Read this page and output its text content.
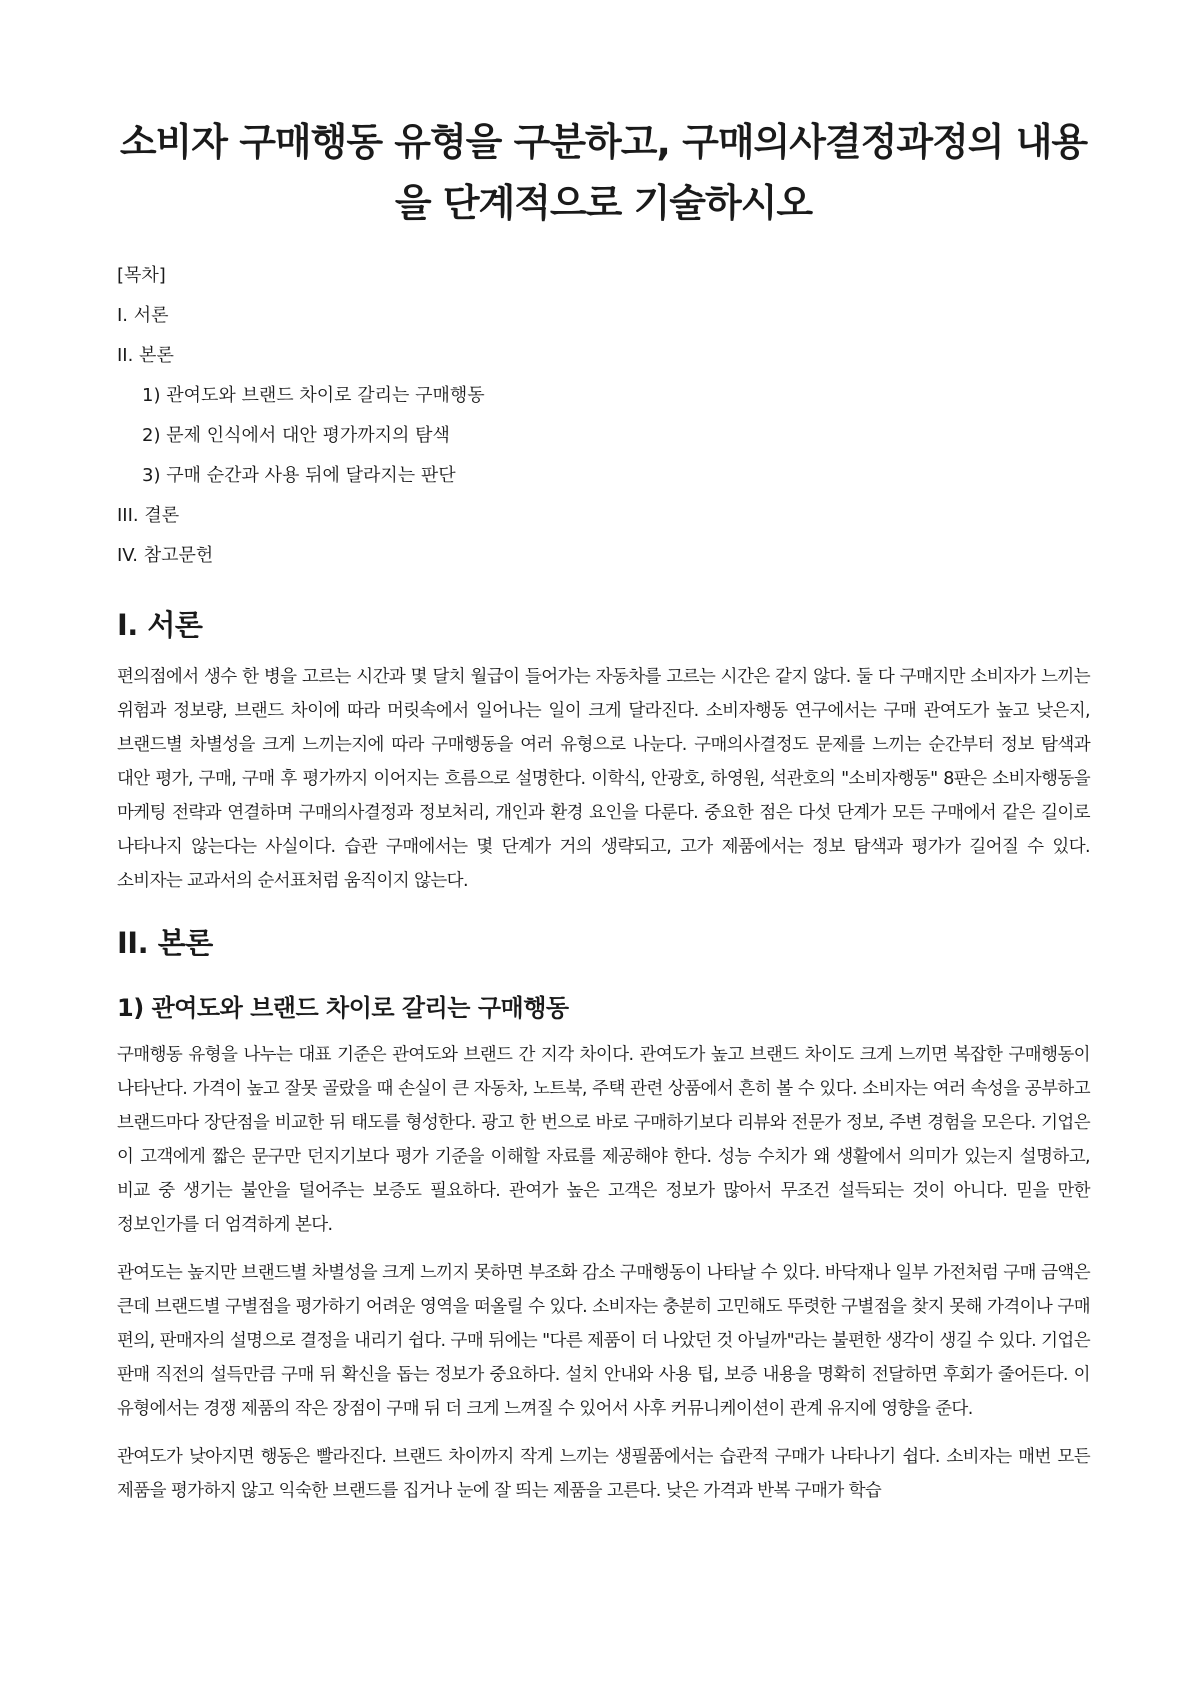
소비자 구매행동 유형을 구분하고, 구매의사결정과정의 내용을 단계적으로 기술하시오
[목차]
I. 서론
II. 본론
1) 관여도와 브랜드 차이로 갈리는 구매행동
2) 문제 인식에서 대안 평가까지의 탐색
3) 구매 순간과 사용 뒤에 달라지는 판단
III. 결론
IV. 참고문헌
I. 서론

편의점에서 생수 한 병을 고르는 시간과 몇 달치 월급이 들어가는 자동차를 고르는 시간은 같지 않다. 둘 다 구매지만 소비자가 느끼는 위험과 정보량, 브랜드 차이에 따라 머릿속에서 일어나는 일이 크게 달라진다. 소비자행동 연구에서는 구매 관여도가 높고 낮은지, 브랜드별 차별성을 크게 느끼는지에 따라 구매행동을 여러 유형으로 나눈다. 구매의사결정도 문제를 느끼는 순간부터 정보 탐색과 대안 평가, 구매, 구매 후 평가까지 이어지는 흐름으로 설명한다. 이학식, 안광호, 하영원, 석관호의 "소비자행동" 8판은 소비자행동을 마케팅 전략과 연결하며 구매의사결정과 정보처리, 개인과 환경 요인을 다룬다. 중요한 점은 다섯 단계가 모든 구매에서 같은 길이로 나타나지 않는다는 사실이다. 습관 구매에서는 몇 단계가 거의 생략되고, 고가 제품에서는 정보 탐색과 평가가 길어질 수 있다. 소비자는 교과서의 순서표처럼 움직이지 않는다.

II. 본론
1) 관여도와 브랜드 차이로 갈리는 구매행동

구매행동 유형을 나누는 대표 기준은 관여도와 브랜드 간 지각 차이다. 관여도가 높고 브랜드 차이도 크게 느끼면 복잡한 구매행동이 나타난다. 가격이 높고 잘못 골랐을 때 손실이 큰 자동차, 노트북, 주택 관련 상품에서 흔히 볼 수 있다. 소비자는 여러 속성을 공부하고 브랜드마다 장단점을 비교한 뒤 태도를 형성한다. 광고 한 번으로 바로 구매하기보다 리뷰와 전문가 정보, 주변 경험을 모은다. 기업은 이 고객에게 짧은 문구만 던지기보다 평가 기준을 이해할 자료를 제공해야 한다. 성능 수치가 왜 생활에서 의미가 있는지 설명하고, 비교 중 생기는 불안을 덜어주는 보증도 필요하다. 관여가 높은 고객은 정보가 많아서 무조건 설득되는 것이 아니다. 믿을 만한 정보인가를 더 엄격하게 본다.

관여도는 높지만 브랜드별 차별성을 크게 느끼지 못하면 부조화 감소 구매행동이 나타날 수 있다. 바닥재나 일부 가전처럼 구매 금액은 큰데 브랜드별 구별점을 평가하기 어려운 영역을 떠올릴 수 있다. 소비자는 충분히 고민해도 뚜렷한 구별점을 찾지 못해 가격이나 구매 편의, 판매자의 설명으로 결정을 내리기 쉽다. 구매 뒤에는 "다른 제품이 더 나았던 것 아닐까"라는 불편한 생각이 생길 수 있다. 기업은 판매 직전의 설득만큼 구매 뒤 확신을 돕는 정보가 중요하다. 설치 안내와 사용 팁, 보증 내용을 명확히 전달하면 후회가 줄어든다. 이 유형에서는 경쟁 제품의 작은 장점이 구매 뒤 더 크게 느껴질 수 있어서 사후 커뮤니케이션이 관계 유지에 영향을 준다.

관여도가 낮아지면 행동은 빨라진다. 브랜드 차이까지 작게 느끼는 생필품에서는 습관적 구매가 나타나기 쉽다. 소비자는 매번 모든 제품을 평가하지 않고 익숙한 브랜드를 집거나 눈에 잘 띄는 제품을 고른다. 낮은 가격과 반복 구매가 학습
